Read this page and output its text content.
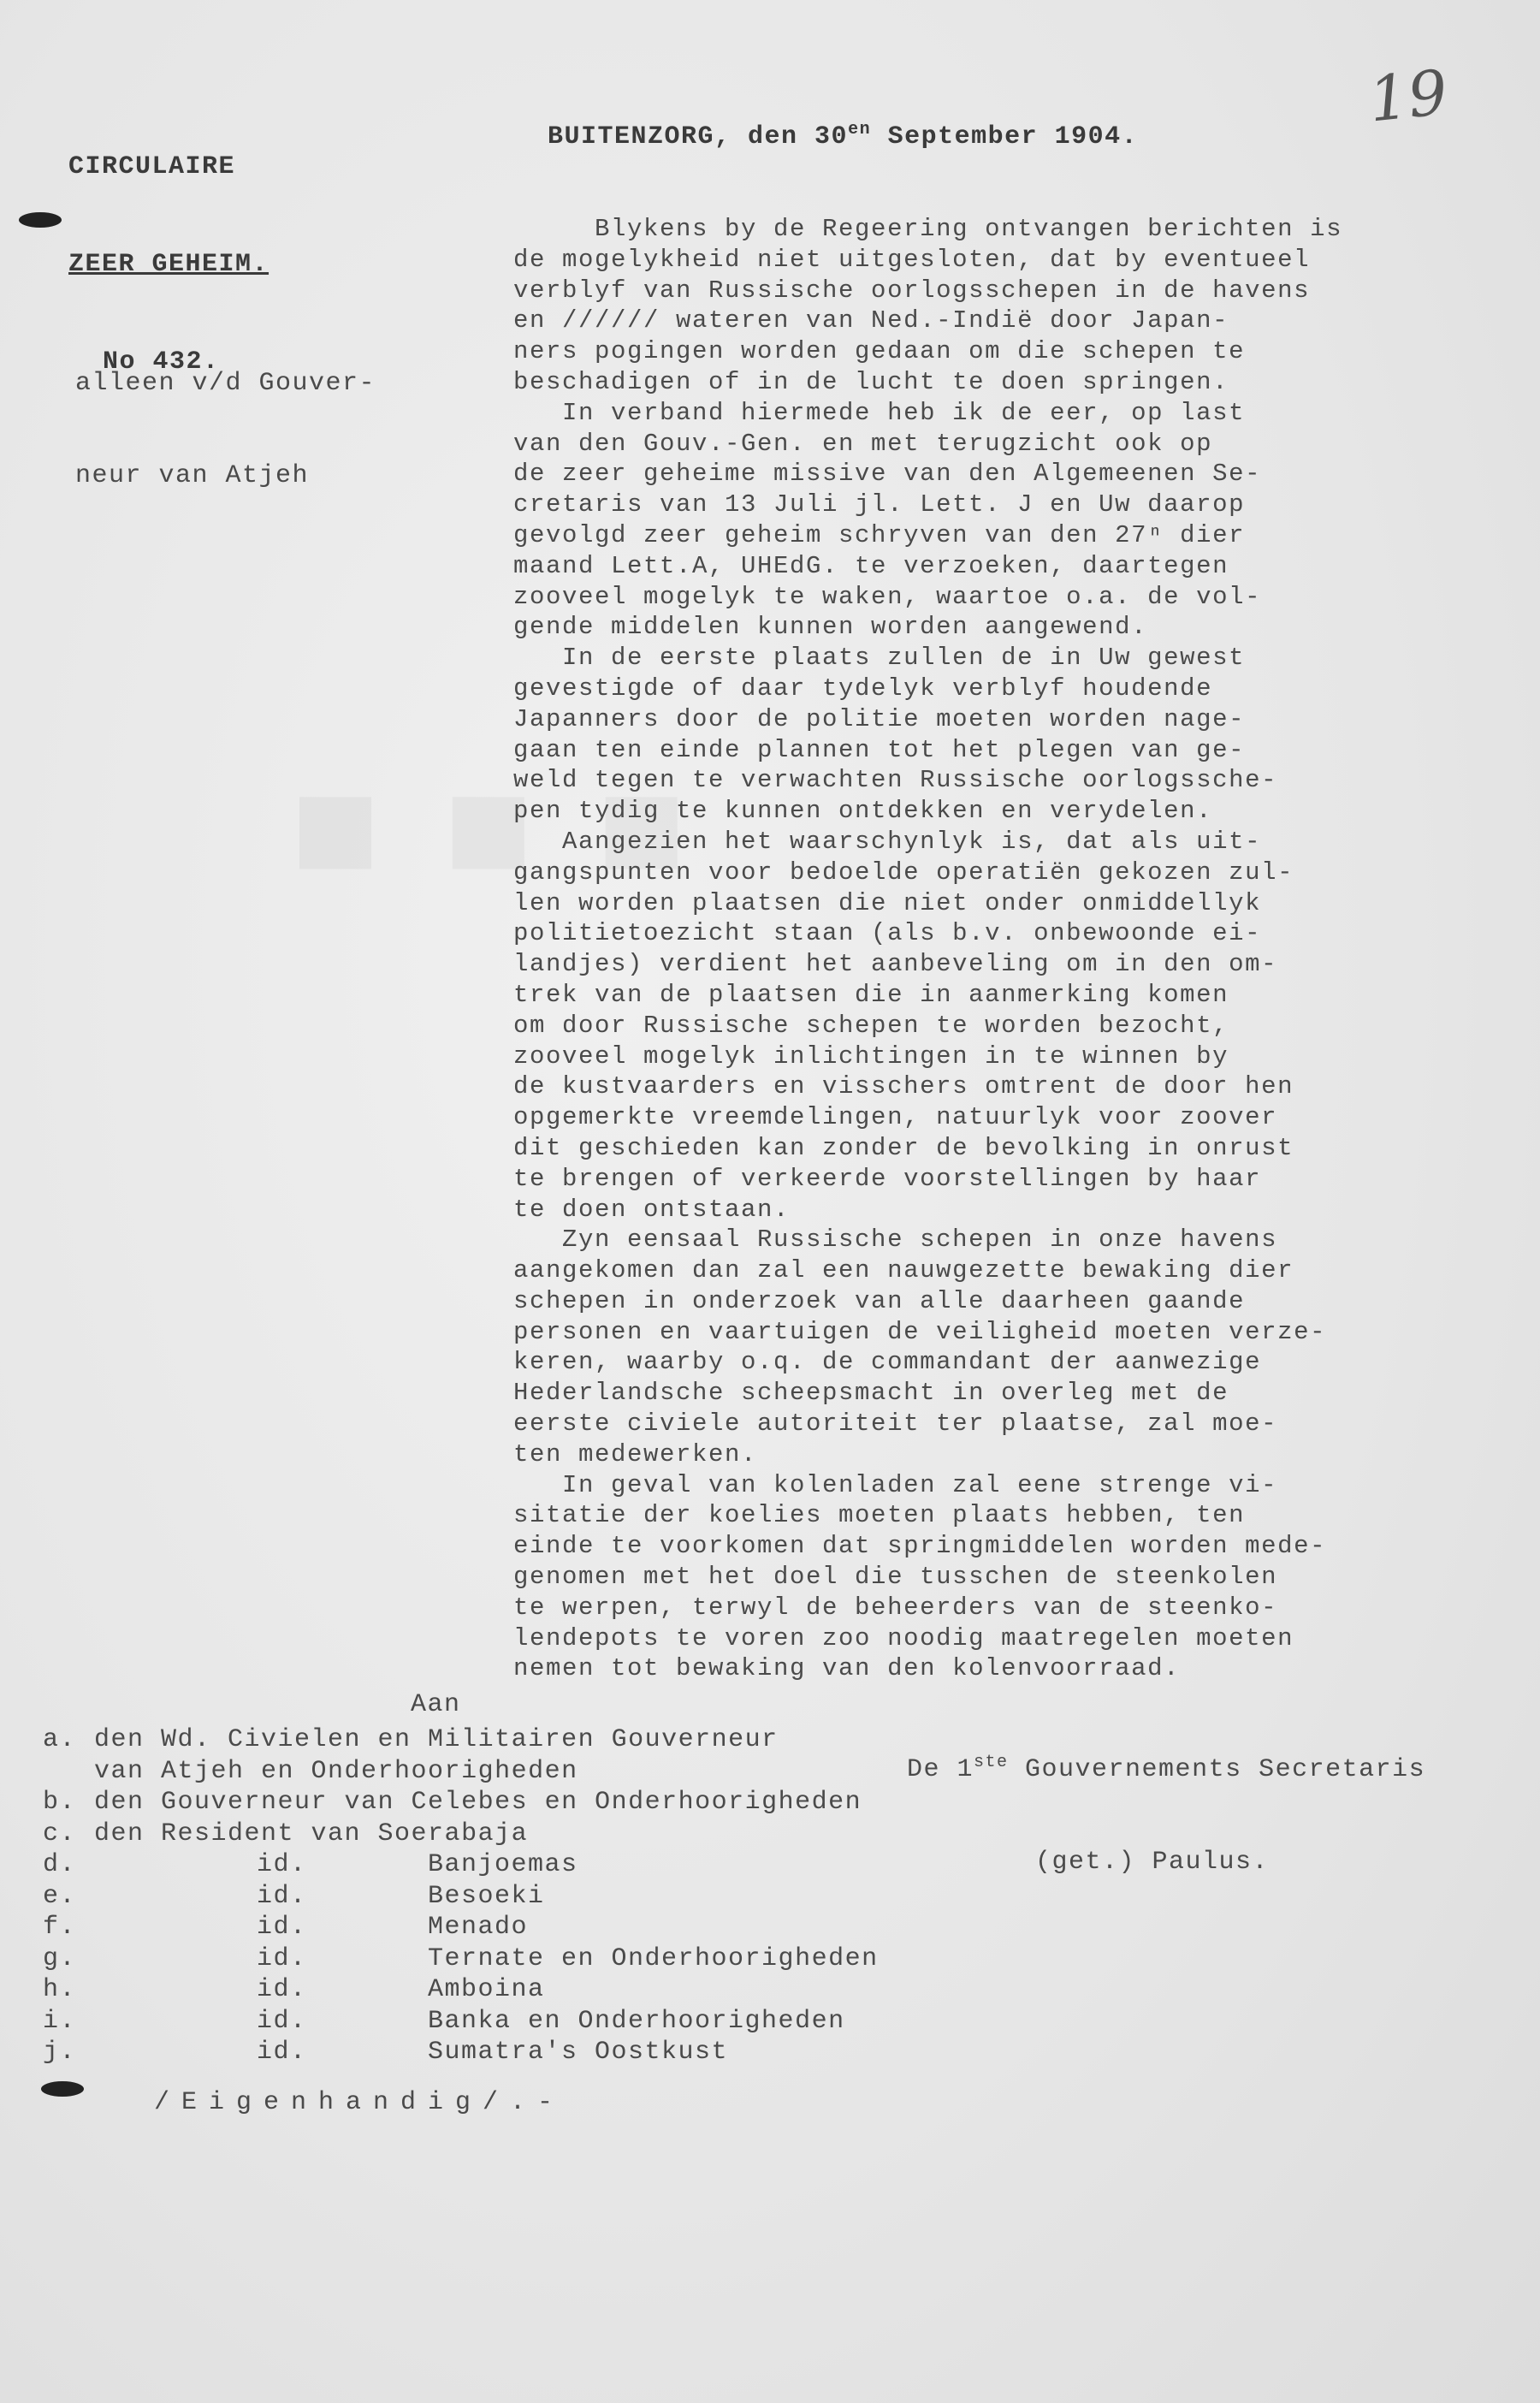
■ ■ ■

CIRCULAIRE

ZEER GEHEIM.

No 432.

BUITENZORG, den $30^{en}$ September 1904.
19

alleen v/d Gouver-

neur van Atjeh

Blykens by de Regeering ontvangen berichten is
de mogelykheid niet uitgesloten, dat by eventueel
verblyf van Russische oorlogsschepen in de havens
en ////// wateren van Ned.-Indië door Japan-
ners pogingen worden gedaan om die schepen te
beschadigen of in de lucht te doen springen.
In verband hiermede heb ik de eer, op last
van den Gouv.-Gen. en met terugzicht ook op
de zeer geheime missive van den Algemeenen Se-
cretaris van 13 Juli jl. Lett. J en Uw daarop
gevolgd zeer geheim schryven van den 27ⁿ dier
maand Lett.A, UHEdG. te verzoeken, daartegen
zooveel mogelyk te waken, waartoe o.a. de vol-
gende middelen kunnen worden aangewend.
In de eerste plaats zullen de in Uw gewest
gevestigde of daar tydelyk verblyf houdende
Japanners door de politie moeten worden nage-
gaan ten einde plannen tot het plegen van ge-
weld tegen te verwachten Russische oorlogssche-
pen tydig te kunnen ontdekken en verydelen.
Aangezien het waarschynlyk is, dat als uit-
gangspunten voor bedoelde operatiën gekozen zul-
len worden plaatsen die niet onder onmiddellyk
politietoezicht staan (als b.v. onbewoonde ei-
landjes) verdient het aanbeveling om in den om-
trek van de plaatsen die in aanmerking komen
om door Russische schepen te worden bezocht,
zooveel mogelyk inlichtingen in te winnen by
de kustvaarders en visschers omtrent de door hen
opgemerkte vreemdelingen, natuurlyk voor zoover
dit geschieden kan zonder de bevolking in onrust
te brengen of verkeerde voorstellingen by haar
te doen ontstaan.
Zyn eensaal Russische schepen in onze havens
aangekomen dan zal een nauwgezette bewaking dier
schepen in onderzoek van alle daarheen gaande
personen en vaartuigen de veiligheid moeten verze-
keren, waarby o.q. de commandant der aanwezige
Hederlandsche scheepsmacht in overleg met de
eerste civiele autoriteit ter plaatse, zal moe-
ten medewerken.
In geval van kolenladen zal eene strenge vi-
sitatie der koelies moeten plaats hebben, ten
einde te voorkomen dat springmiddelen worden mede-
genomen met het doel die tusschen de steenkolen
te werpen, terwyl de beheerders van de steenko-
lendepots te voren zoo noodig maatregelen moeten
nemen tot bewaking van den kolenvoorraad.
Aan

De 1ste Gouvernements Secretaris

(get.) Paulus.

a. den Wd. Civielen en Militairen Gouverneur
van Atjeh en Onderhoorigheden
b. den Gouverneur van Celebes en Onderhoorigheden
c. den Resident van Soerabaja
d.	id.	Banjoemas
e.	id.	Besoeki
f.	id.	Menado
g.	id.	Ternate en Onderhoorigheden
h.	id.	Amboina
i.	id.	Banka en Onderhoorigheden
j.	id.	Sumatra's Oostkust
/Eigenhandig/.-
